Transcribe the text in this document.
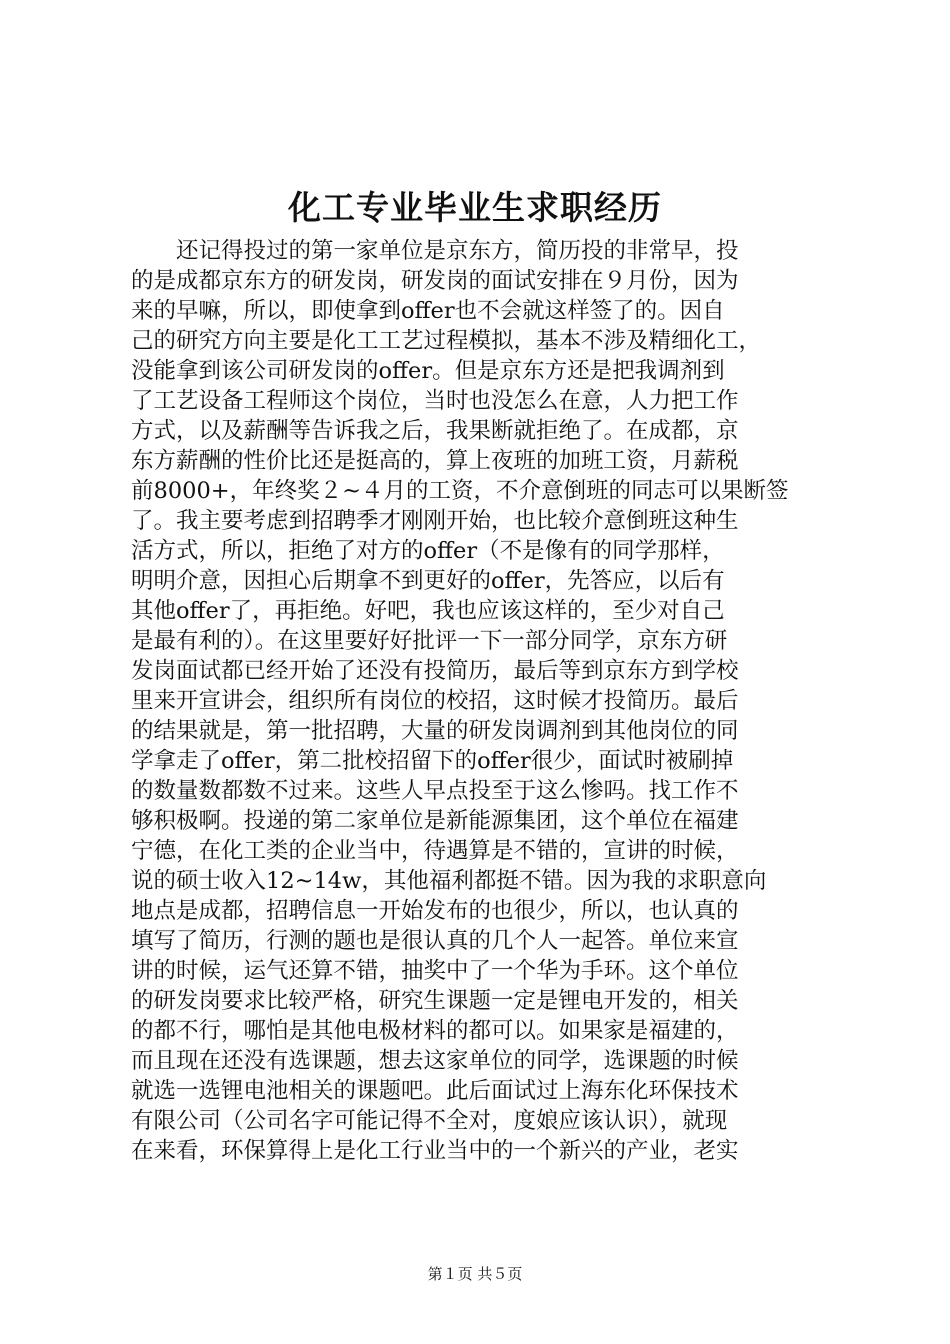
化工专业毕业生求职经历
　　还记得投过的第一家单位是京东方，简历投的非常早，投
的是成都京东方的研发岗，研发岗的面试安排在９月份，因为
来的早嘛，所以，即使拿到offer也不会就这样签了的。因自
己的研究方向主要是化工工艺过程模拟，基本不涉及精细化工，
没能拿到该公司研发岗的offer。但是京东方还是把我调剂到
了工艺设备工程师这个岗位，当时也没怎么在意，人力把工作
方式，以及薪酬等告诉我之后，我果断就拒绝了。在成都，京
东方薪酬的性价比还是挺高的，算上夜班的加班工资，月薪税
前8000+，年终奖２~４月的工资，不介意倒班的同志可以果断签
了。我主要考虑到招聘季才刚刚开始，也比较介意倒班这种生
活方式，所以，拒绝了对方的offer（不是像有的同学那样，
明明介意，因担心后期拿不到更好的offer，先答应，以后有
其他offer了，再拒绝。好吧，我也应该这样的，至少对自己
是最有利的）。在这里要好好批评一下一部分同学，京东方研
发岗面试都已经开始了还没有投简历，最后等到京东方到学校
里来开宣讲会，组织所有岗位的校招，这时候才投简历。最后
的结果就是，第一批招聘，大量的研发岗调剂到其他岗位的同
学拿走了offer，第二批校招留下的offer很少，面试时被刷掉
的数量数都数不过来。这些人早点投至于这么惨吗。找工作不
够积极啊。投递的第二家单位是新能源集团，这个单位在福建
宁德，在化工类的企业当中，待遇算是不错的，宣讲的时候，
说的硕士收入12~14w，其他福利都挺不错。因为我的求职意向
地点是成都，招聘信息一开始发布的也很少，所以，也认真的
填写了简历，行测的题也是很认真的几个人一起答。单位来宣
讲的时候，运气还算不错，抽奖中了一个华为手环。这个单位
的研发岗要求比较严格，研究生课题一定是锂电开发的，相关
的都不行，哪怕是其他电极材料的都可以。如果家是福建的，
而且现在还没有选课题，想去这家单位的同学，选课题的时候
就选一选锂电池相关的课题吧。此后面试过上海东化环保技术
有限公司（公司名字可能记得不全对，度娘应该认识），就现
在来看，环保算得上是化工行业当中的一个新兴的产业，老实
第１页 共５页
